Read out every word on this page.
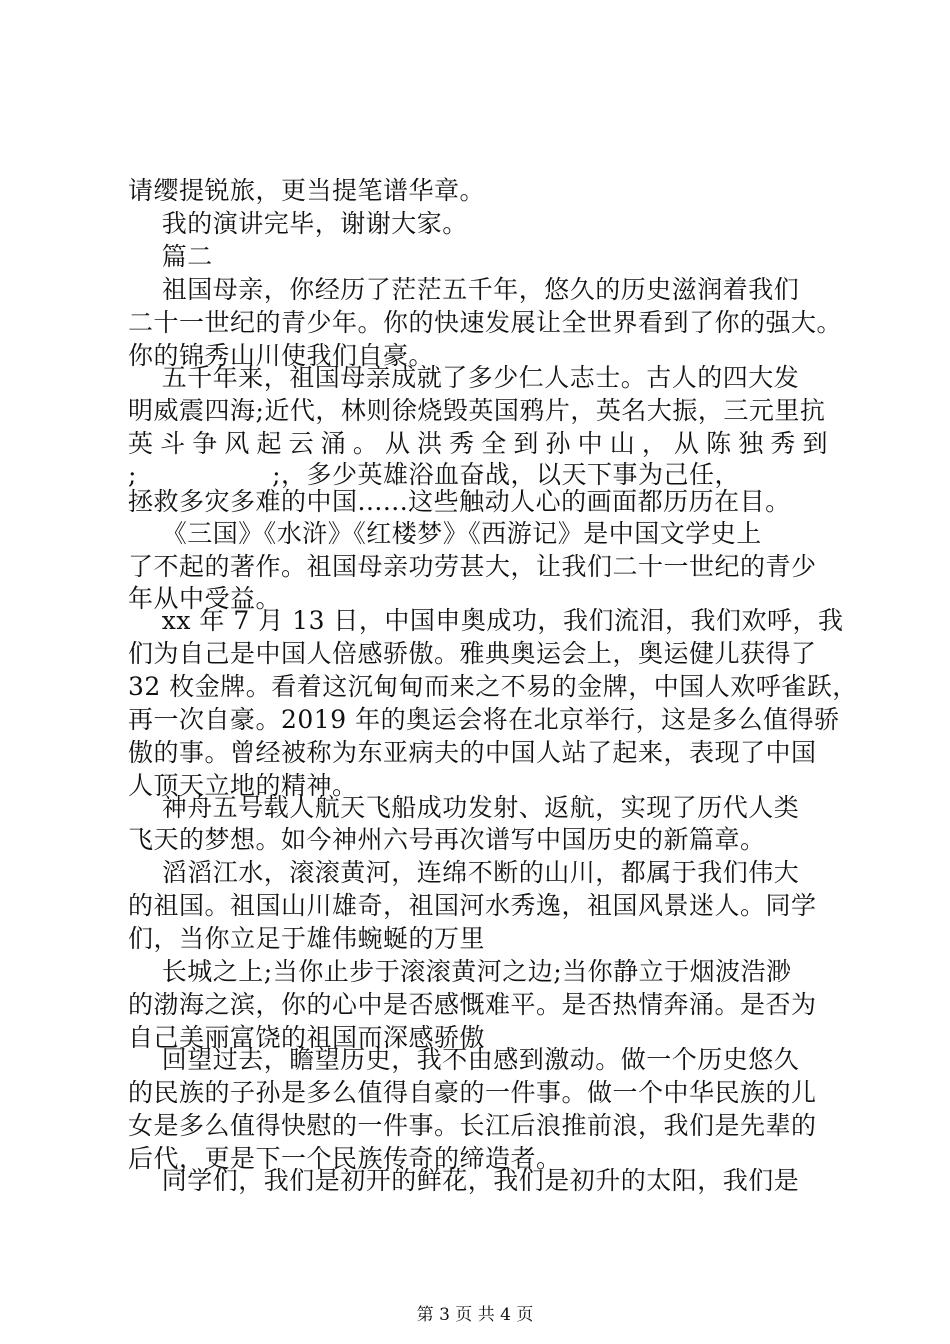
请缨提锐旅，更当提笔谱华章。
我的演讲完毕，谢谢大家。
篇二
祖国母亲，你经历了茫茫五千年，悠久的历史滋润着我们
二十一世纪的青少年。你的快速发展让全世界看到了你的强大。
你的锦秀山川使我们自豪。
五千年来，祖国母亲成就了多少仁人志士。古人的四大发
明威震四海;近代，林则徐烧毁英国鸦片，英名大振，三元里抗
英斗争风起云涌。从洪秀全到孙中山，从陈独秀到
;                ;，多少英雄浴血奋战，以天下事为己任，
拯救多灾多难的中国......这些触动人心的画面都历历在目。
《三国》《水浒》《红楼梦》《西游记》是中国文学史上
了不起的著作。祖国母亲功劳甚大，让我们二十一世纪的青少
年从中受益。
xx 年 7 月 13 日，中国申奥成功，我们流泪，我们欢呼，我
们为自己是中国人倍感骄傲。雅典奥运会上，奥运健儿获得了
32 枚金牌。看着这沉甸甸而来之不易的金牌，中国人欢呼雀跃，
再一次自豪。2019 年的奥运会将在北京举行，这是多么值得骄
傲的事。曾经被称为东亚病夫的中国人站了起来，表现了中国
人顶天立地的精神。
神舟五号载人航天飞船成功发射、返航，实现了历代人类
飞天的梦想。如今神州六号再次谱写中国历史的新篇章。
滔滔江水，滚滚黄河，连绵不断的山川，都属于我们伟大
的祖国。祖国山川雄奇，祖国河水秀逸，祖国风景迷人。同学
们，当你立足于雄伟蜿蜒的万里
长城之上;当你止步于滚滚黄河之边;当你静立于烟波浩渺
的渤海之滨，你的心中是否感慨难平。是否热情奔涌。是否为
自己美丽富饶的祖国而深感骄傲
回望过去，瞻望历史，我不由感到激动。做一个历史悠久
的民族的子孙是多么值得自豪的一件事。做一个中华民族的儿
女是多么值得快慰的一件事。长江后浪推前浪，我们是先辈的
后代，更是下一个民族传奇的缔造者。
同学们，我们是初开的鲜花，我们是初升的太阳，我们是
第 3 页 共 4 页
